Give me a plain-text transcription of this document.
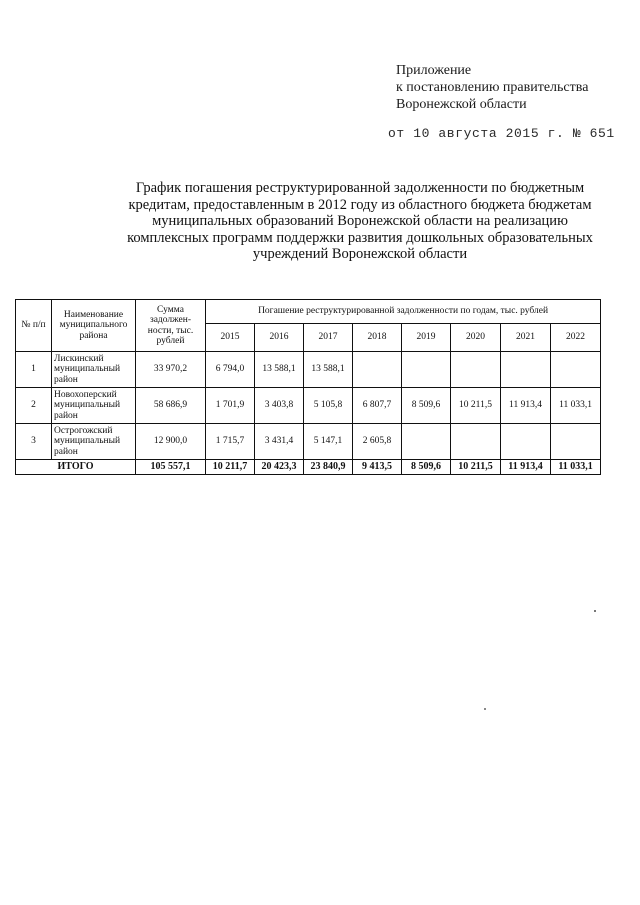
Приложение
к постановлению правительства
Воронежской области
от 10 августа 2015 г. № 651
График погашения реструктурированной задолженности по бюджетным
кредитам, предоставленным в 2012 году из областного бюджета бюджетам
муниципальных образований Воронежской области на реализацию
комплексных программ поддержки развития дошкольных образовательных
учреждений Воронежской области
№ п/п	Наименование муниципального района	Сумма задолжен-ности, тыс. рублей	Погашение реструктурированной задолженности по годам, тыс. рублей							
			2015	2016	2017	2018	2019	2020	2021	2022
1	Лискинский муниципальный район	33 970,2	6 794,0	13 588,1	13 588,1					
2	Новохоперский муниципальный район	58 686,9	1 701,9	3 403,8	5 105,8	6 807,7	8 509,6	10 211,5	11 913,4	11 033,1
3	Острогожский муниципальный район	12 900,0	1 715,7	3 431,4	5 147,1	2 605,8				
ИТОГО		105 557,1	10 211,7	20 423,3	23 840,9	9 413,5	8 509,6	10 211,5	11 913,4	11 033,1
